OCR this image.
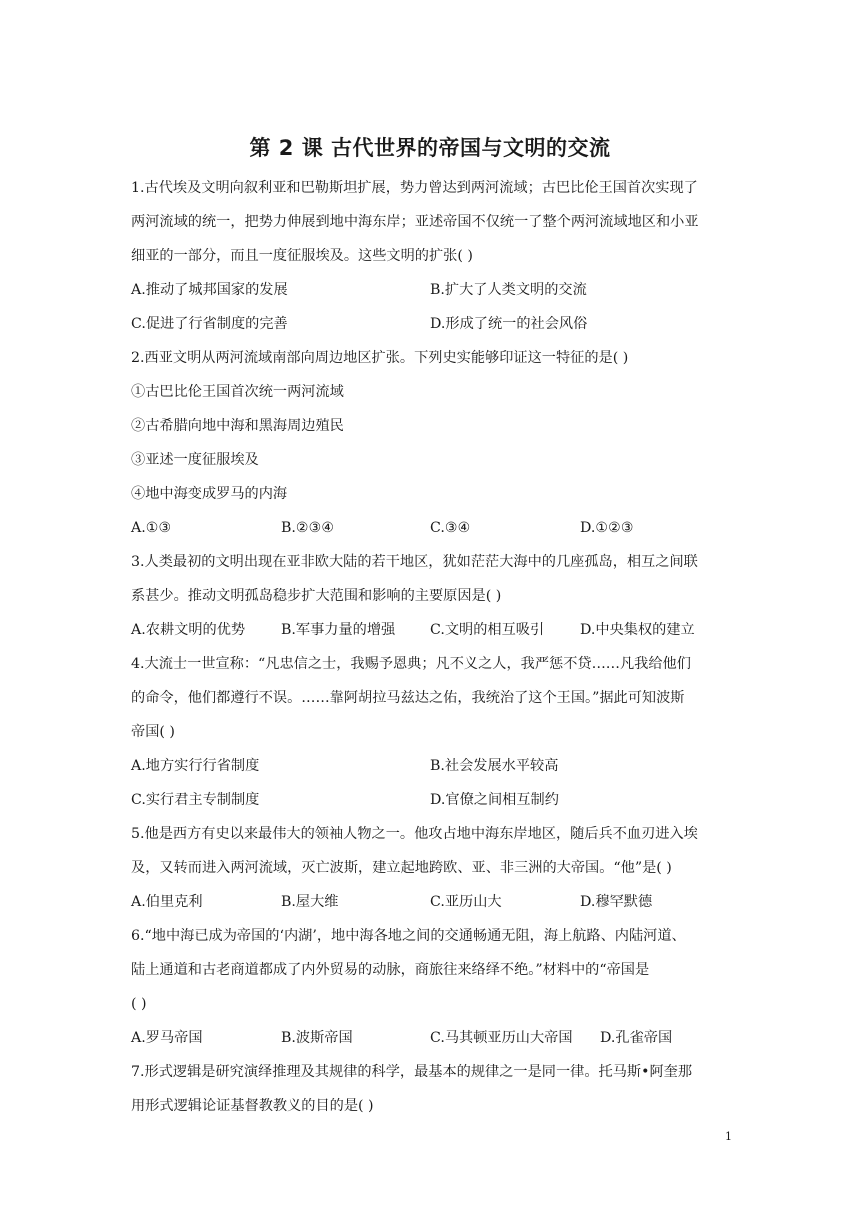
第 2 课 古代世界的帝国与文明的交流
1.古代埃及文明向叙利亚和巴勒斯坦扩展，势力曾达到两河流域；古巴比伦王国首次实现了
两河流域的统一，把势力伸展到地中海东岸；亚述帝国不仅统一了整个两河流域地区和小亚
细亚的一部分，而且一度征服埃及。这些文明的扩张( )
A.推动了城邦国家的发展	B.扩大了人类文明的交流
C.促进了行省制度的完善	D.形成了统一的社会风俗
2.西亚文明从两河流域南部向周边地区扩张。下列史实能够印证这一特征的是( )
①古巴比伦王国首次统一两河流域
②古希腊向地中海和黑海周边殖民
③亚述一度征服埃及
④地中海变成罗马的内海
A.①③	B.②③④	C.③④	D.①②③
3.人类最初的文明出现在亚非欧大陆的若干地区，犹如茫茫大海中的几座孤岛，相互之间联
系甚少。推动文明孤岛稳步扩大范围和影响的主要原因是( )
A.农耕文明的优势	B.军事力量的增强 C.文明的相互吸引	D.中央集权的建立
4.大流士一世宣称：“凡忠信之士，我赐予恩典；凡不义之人，我严惩不贷……凡我给他们
的命令，他们都遵行不误。……靠阿胡拉马兹达之佑，我统治了这个王国。”据此可知波斯
帝国( )
A.地方实行行省制度	B.社会发展水平较高
C.实行君主专制制度	D.官僚之间相互制约
5.他是西方有史以来最伟大的领袖人物之一。他攻占地中海东岸地区，随后兵不血刃进入埃
及，又转而进入两河流域，灭亡波斯，建立起地跨欧、亚、非三洲的大帝国。“他”是( )
A.伯里克利	B.屋大维	C.亚历山大	D.穆罕默德
6.“地中海已成为帝国的‘内湖’，地中海各地之间的交通畅通无阻，海上航路、内陆河道、
陆上通道和古老商道都成了内外贸易的动脉，商旅往来络绎不绝。”材料中的“帝国是
( )
A.罗马帝国	B.波斯帝国	C.马其顿亚历山大帝国 D.孔雀帝国
7.形式逻辑是研究演绎推理及其规律的科学，最基本的规律之一是同一律。托马斯•阿奎那
用形式逻辑论证基督教教义的目的是( )
1
